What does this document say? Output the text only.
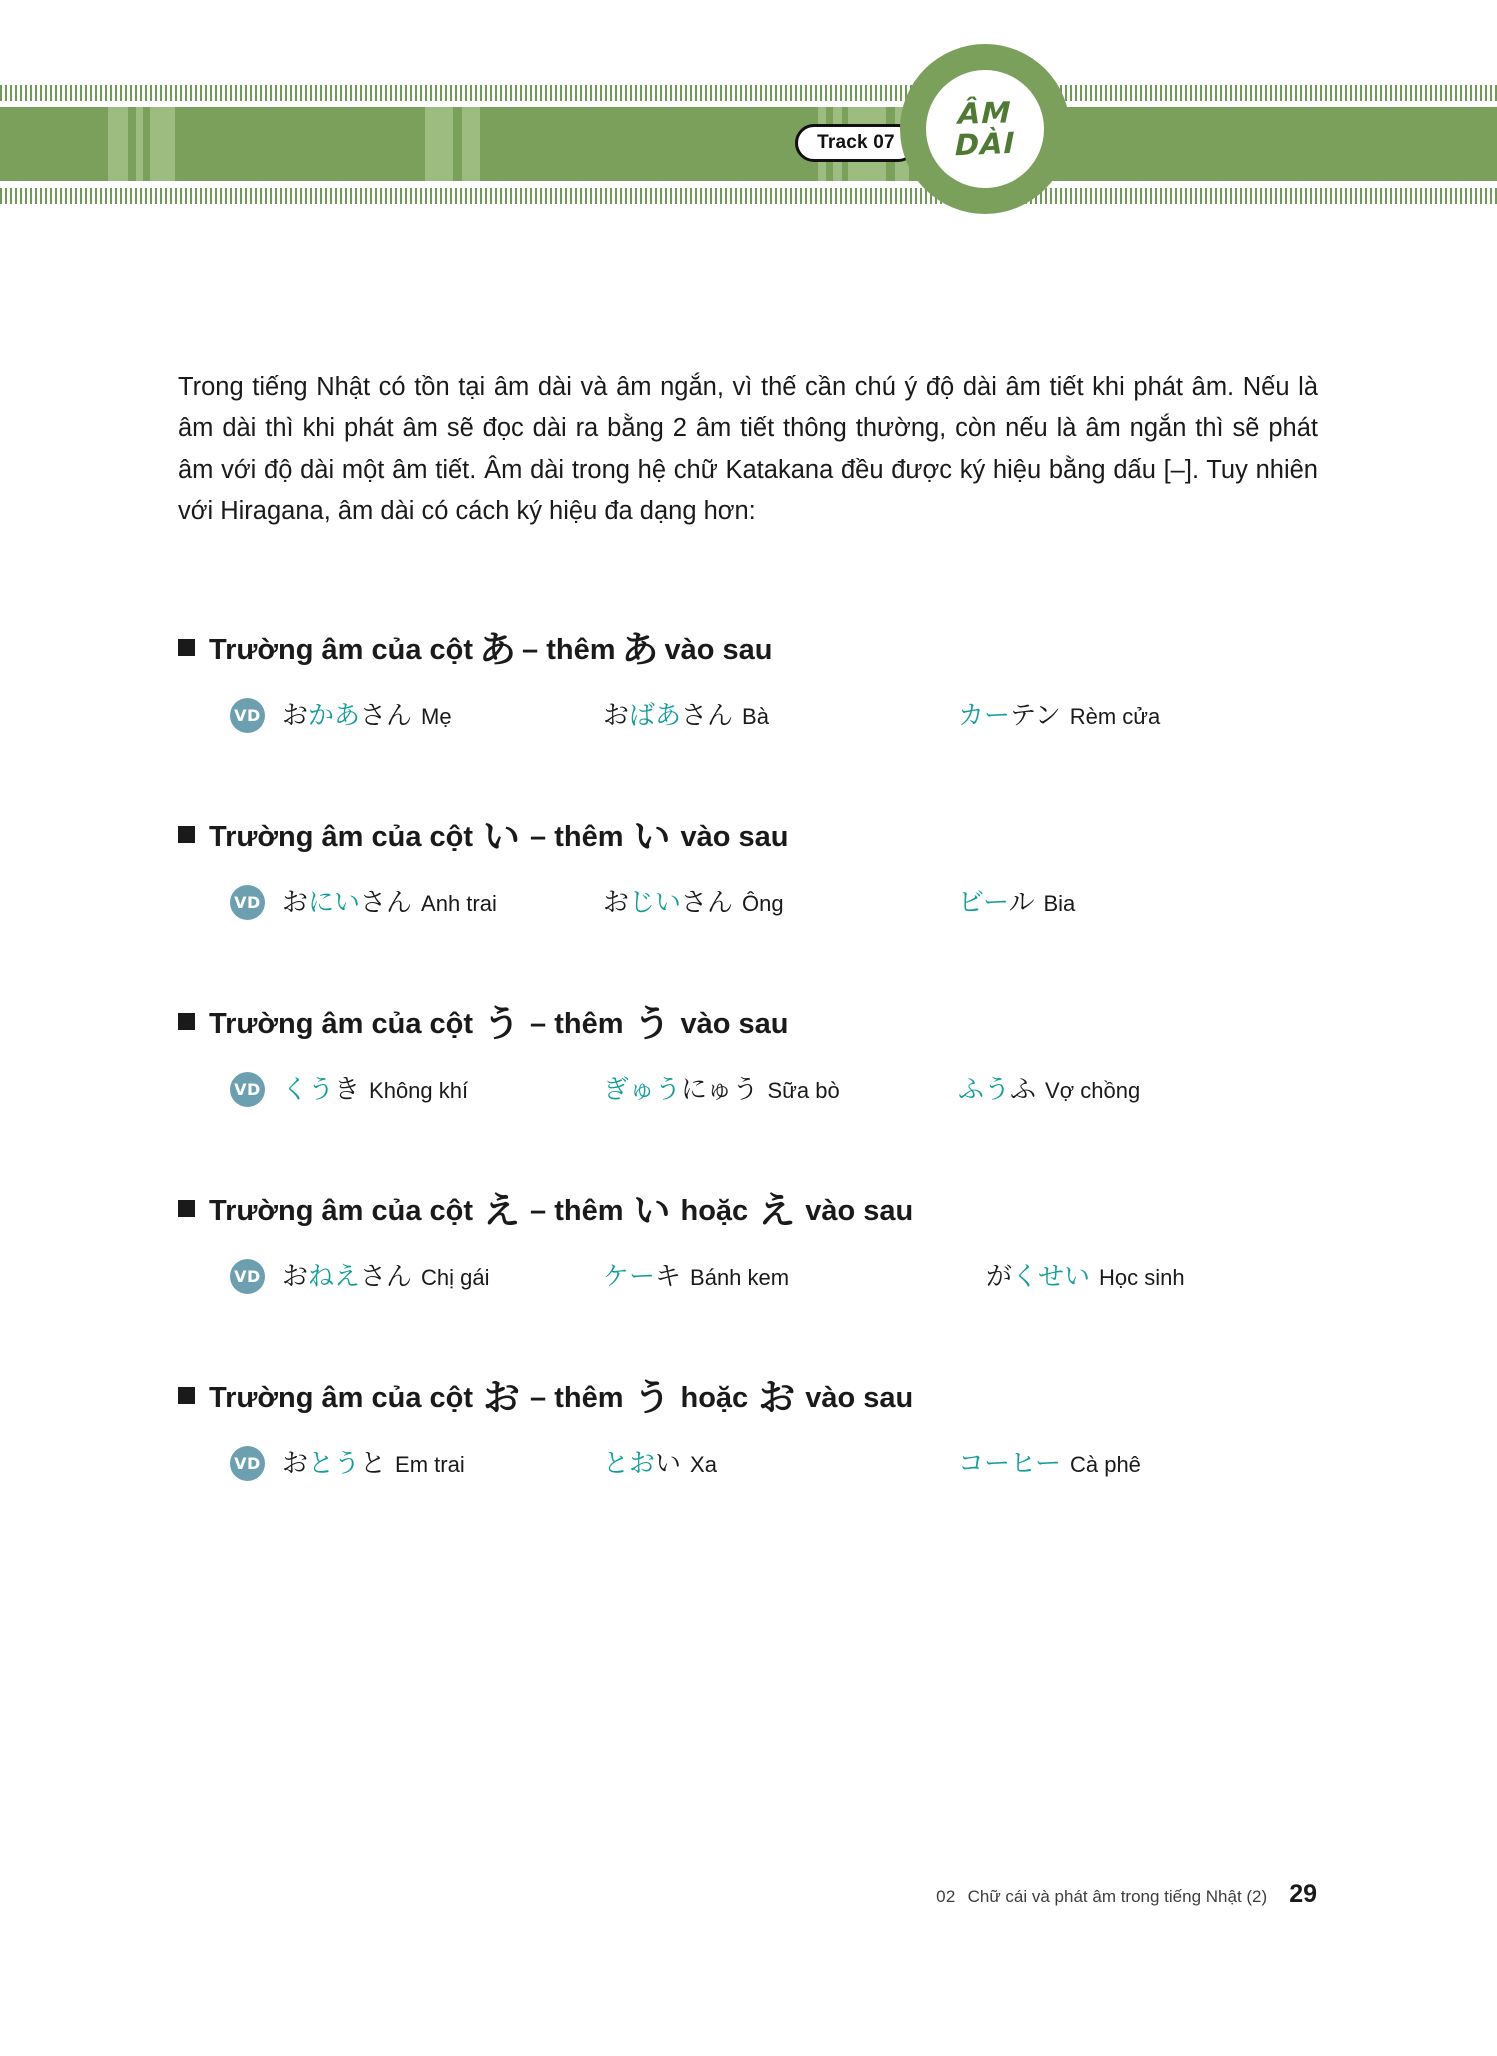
Track 07
ÂM
DÀI
Trong tiếng Nhật có tồn tại âm dài và âm ngắn, vì thế cần chú ý độ dài âm tiết khi phát âm. Nếu là âm dài thì khi phát âm sẽ đọc dài ra bằng 2 âm tiết thông thường, còn nếu là âm ngắn thì sẽ phát âm với độ dài một âm tiết. Âm dài trong hệ chữ Katakana đều được ký hiệu bằng dấu [–]. Tuy nhiên với Hiragana, âm dài có cách ký hiệu đa dạng hơn:
Trường âm của cột あ – thêm あ vào sau
VD おかあさん Mẹ	おばあさん Bà	カーテン Rèm cửa
Trường âm của cột い – thêm い vào sau
VD おにいさん Anh trai	おじいさん Ông	ビール Bia
Trường âm của cột う – thêm う vào sau
VD くうき Không khí	ぎゅうにゅう Sữa bò	ふうふ Vợ chồng
Trường âm của cột え – thêm い hoặc え vào sau
VD おねえさん Chị gái	ケーキ Bánh kem	がくせい Học sinh
Trường âm của cột お – thêm う hoặc お vào sau
VD おとうと Em trai	とおい Xa	コーヒー Cà phê
02 Chữ cái và phát âm trong tiếng Nhật (2) 29
